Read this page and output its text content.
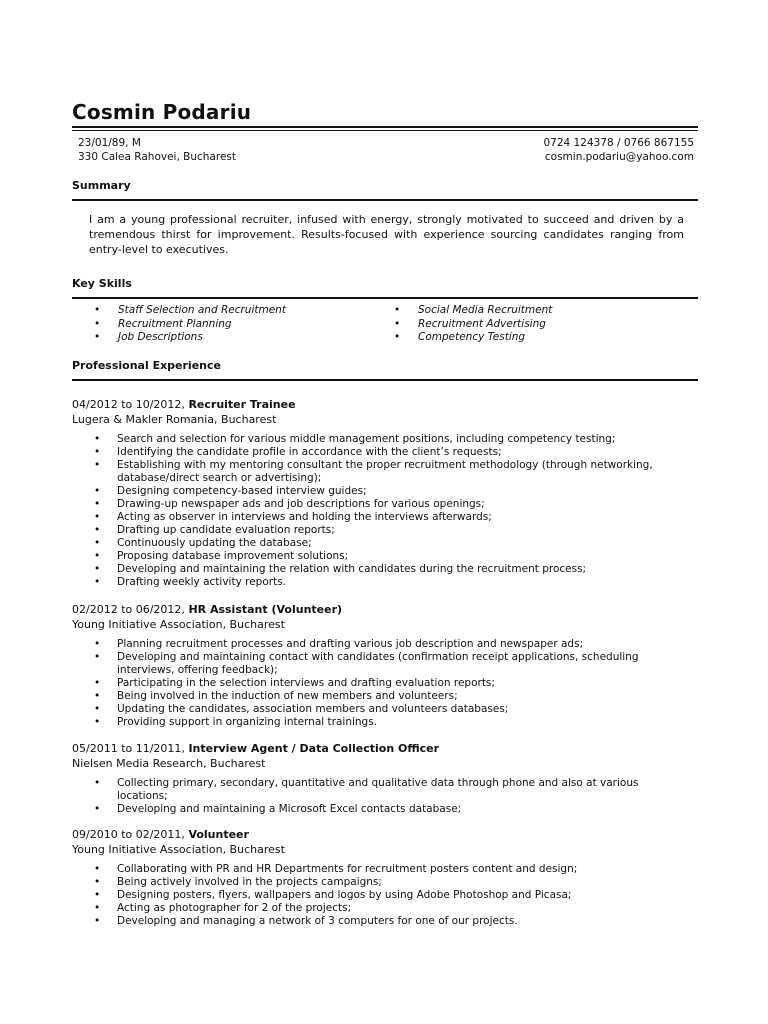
Cosmin Podariu
23/01/89, M
330 Calea Rahovei, Bucharest
0724 124378 / 0766 867155
cosmin.podariu@yahoo.com
Summary
I am a young professional recruiter, infused with energy, strongly motivated to succeed and driven by a tremendous thirst for improvement. Results-focused with experience sourcing candidates ranging from entry-level to executives.
Key Skills
• Staff Selection and Recruitment
• Recruitment Planning
• Job Descriptions
• Social Media Recruitment
• Recruitment Advertising
• Competency Testing
Professional Experience
04/2012 to 10/2012, Recruiter Trainee
Lugera & Makler Romania, Bucharest
• Search and selection for various middle management positions, including competency testing;
• Identifying the candidate profile in accordance with the client’s requests;
• Establishing with my mentoring consultant the proper recruitment methodology (through networking, database/direct search or advertising);
• Designing competency-based interview guides;
• Drawing-up newspaper ads and job descriptions for various openings;
• Acting as observer in interviews and holding the interviews afterwards;
• Drafting up candidate evaluation reports;
• Continuously updating the database;
• Proposing database improvement solutions;
• Developing and maintaining the relation with candidates during the recruitment process;
• Drafting weekly activity reports.
02/2012 to 06/2012, HR Assistant (Volunteer)
Young Initiative Association, Bucharest
• Planning recruitment processes and drafting various job description and newspaper ads;
• Developing and maintaining contact with candidates (confirmation receipt applications, scheduling interviews, offering feedback);
• Participating in the selection interviews and drafting evaluation reports;
• Being involved in the induction of new members and volunteers;
• Updating the candidates, association members and volunteers databases;
• Providing support in organizing internal trainings.
05/2011 to 11/2011, Interview Agent / Data Collection Officer
Nielsen Media Research, Bucharest
• Collecting primary, secondary, quantitative and qualitative data through phone and also at various locations;
• Developing and maintaining a Microsoft Excel contacts database;
09/2010 to 02/2011, Volunteer
Young Initiative Association, Bucharest
• Collaborating with PR and HR Departments for recruitment posters content and design;
• Being actively involved in the projects campaigns;
• Designing posters, flyers, wallpapers and logos by using Adobe Photoshop and Picasa;
• Acting as photographer for 2 of the projects;
• Developing and managing a network of 3 computers for one of our projects.
